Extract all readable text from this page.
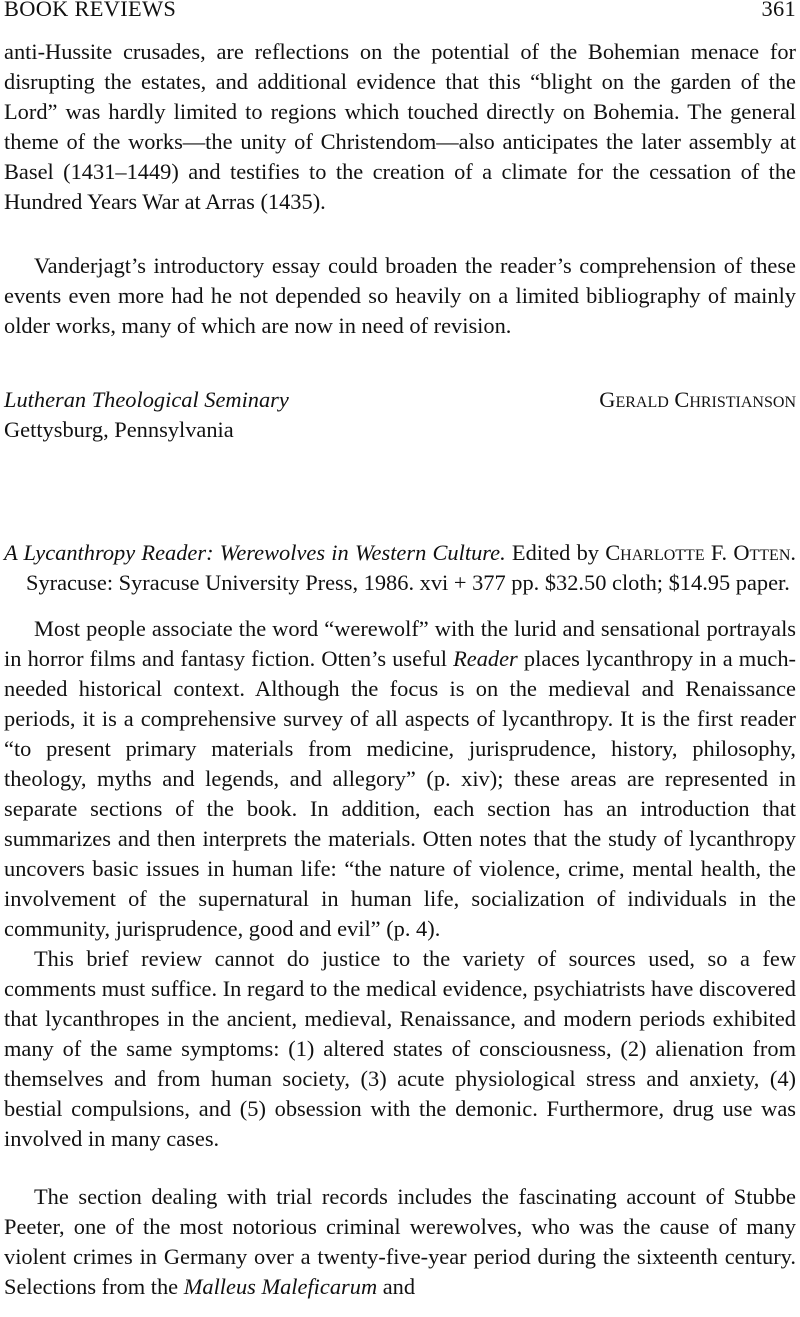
BOOK REVIEWS	361

anti-Hussite crusades, are reflections on the potential of the Bohemian menace for disrupting the estates, and additional evidence that this “blight on the garden of the Lord” was hardly limited to regions which touched directly on Bohemia. The general theme of the works—the unity of Christendom—also anticipates the later assembly at Basel (1431–1449) and testifies to the creation of a climate for the cessation of the Hundred Years War at Arras (1435).

Vanderjagt’s introductory essay could broaden the reader’s comprehension of these events even more had he not depended so heavily on a limited bibliography of mainly older works, many of which are now in need of revision.

Lutheran Theological Seminary	Gerald Christianson
Gettysburg, Pennsylvania

A Lycanthropy Reader: Werewolves in Western Culture. Edited by Charlotte F. Otten. Syracuse: Syracuse University Press, 1986. xvi + 377 pp. $32.50 cloth; $14.95 paper.

Most people associate the word “werewolf” with the lurid and sensational portrayals in horror films and fantasy fiction. Otten’s useful Reader places lycanthropy in a much-needed historical context. Although the focus is on the medieval and Renaissance periods, it is a comprehensive survey of all aspects of lycanthropy. It is the first reader “to present primary materials from medicine, jurisprudence, history, philosophy, theology, myths and legends, and allegory” (p. xiv); these areas are represented in separate sections of the book. In addition, each section has an introduction that summarizes and then interprets the materials. Otten notes that the study of lycanthropy uncovers basic issues in human life: “the nature of violence, crime, mental health, the involvement of the supernatural in human life, socialization of individuals in the community, jurisprudence, good and evil” (p. 4).

This brief review cannot do justice to the variety of sources used, so a few comments must suffice. In regard to the medical evidence, psychiatrists have discovered that lycanthropes in the ancient, medieval, Renaissance, and modern periods exhibited many of the same symptoms: (1) altered states of consciousness, (2) alienation from themselves and from human society, (3) acute physiological stress and anxiety, (4) bestial compulsions, and (5) obsession with the demonic. Furthermore, drug use was involved in many cases.

The section dealing with trial records includes the fascinating account of Stubbe Peeter, one of the most notorious criminal werewolves, who was the cause of many violent crimes in Germany over a twenty-five-year period during the sixteenth century. Selections from the Malleus Maleficarum and
